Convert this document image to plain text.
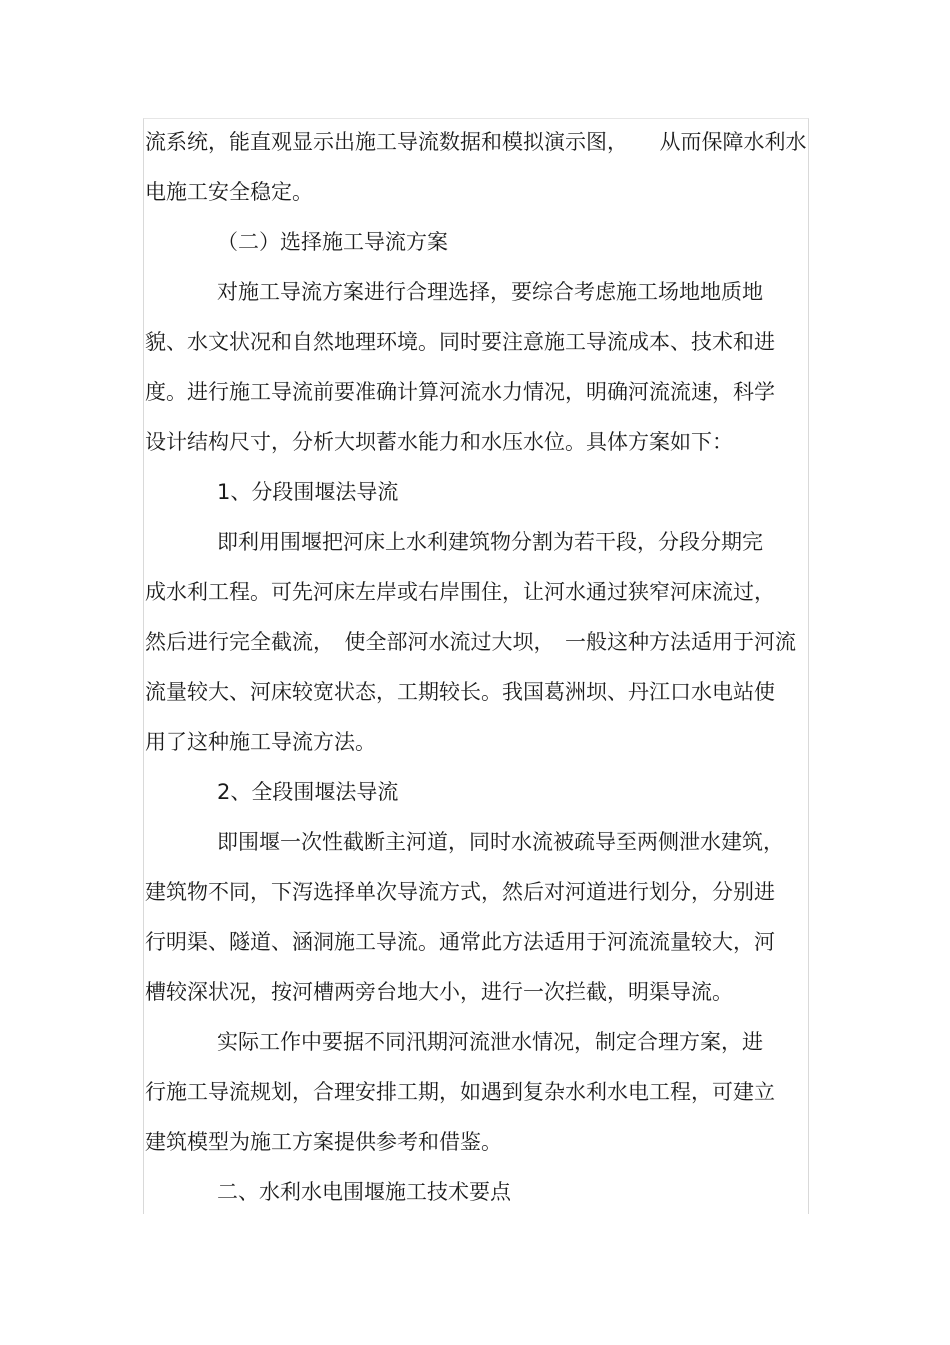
流系统，能直观显示出施工导流数据和模拟演示图，　　从而保障水利水
电施工安全稳定。
（二）选择施工导流方案
对施工导流方案进行合理选择，要综合考虑施工场地地质地
貌、水文状况和自然地理环境。同时要注意施工导流成本、技术和进
度。进行施工导流前要准确计算河流水力情况，明确河流流速，科学
设计结构尺寸，分析大坝蓄水能力和水压水位。具体方案如下：
1、分段围堰法导流
即利用围堰把河床上水利建筑物分割为若干段，分段分期完
成水利工程。可先河床左岸或右岸围住，让河水通过狭窄河床流过，
然后进行完全截流，　使全部河水流过大坝，　一般这种方法适用于河流
流量较大、河床较宽状态，工期较长。我国葛洲坝、丹江口水电站使
用了这种施工导流方法。
2、全段围堰法导流
即围堰一次性截断主河道，同时水流被疏导至两侧泄水建筑，
建筑物不同，下泻选择单次导流方式，然后对河道进行划分，分别进
行明渠、隧道、涵洞施工导流。通常此方法适用于河流流量较大，河
槽较深状况，按河槽两旁台地大小，进行一次拦截，明渠导流。
实际工作中要据不同汛期河流泄水情况，制定合理方案，进
行施工导流规划，合理安排工期，如遇到复杂水利水电工程，可建立
建筑模型为施工方案提供参考和借鉴。
二、水利水电围堰施工技术要点
